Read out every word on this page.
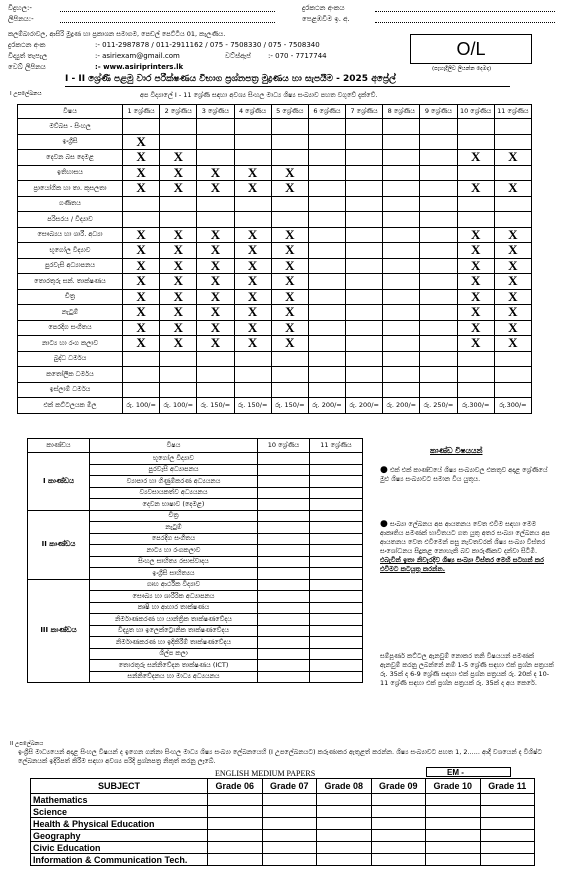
විදුහල:-
ලිපිනය:-
දුරකථන අංකය
පෙළඹවීම ඉ. අ.
කලම්ඛාරාවල, ආසිරි මුද්‍රණ හා ප්‍රකාශන සමාගම, පෙඩල් පෙට්‍ටිය 01, කැලණිය.
දුරකථන අංක	:- 011-2987878 / 011-2911162 / 075 - 7508330 / 075 - 7508340
විද්‍යුත් තැපැල	:- asiriexam@gmail.com	වට්ස්ඇප් :- 070 - 7717744
වෙබ් ලිපිනය	:- www.asiriprinters.lk
O/L
(පැහැදිලිව ලියන්න දෙමද)
I - II ශ්‍රේණි පළමු වාර පරීක්ෂණය විභාග ප්‍රශ්නපත්‍ර මුද්‍රණය හා සැපයීම - 2025 අප්‍රේල්
I උපලේඛනය	අප විද්‍යාලේ I - 11 ශ්‍රේණි සඳහා අවශ්‍ය සිංහල මාධ්‍ය ශිෂ්‍ය සංඛ්‍යාව පහත වගුවේ දැක්වේ.
විෂය	1 ශ්‍රේණිය	2 ශ්‍රේණිය	3 ශ්‍රේණිය	4 ශ්‍රේණිය	5 ශ්‍රේණිය	6 ශ්‍රේණිය	7 ශ්‍රේණිය	8 ශ්‍රේණිය	9 ශ්‍රේණිය	10 ශ්‍රේණිය	11 ශ්‍රේණිය
මව්බස - සිංහල											
ඉංග්‍රීසි	X										
දෙවන බස දෙමළ	X	X								X	X
ඉතිහාසය	X	X	X	X	X						
ප්‍රායෝගික හා තා. කුසලතා	X	X	X	X	X					X	X
ගණිතය											
පරිසරය / විද්‍යාව											
සෞඛ්‍යය හා ශාරී. අධ්‍යා	X	X	X	X	X					X	X
භූගෝල විද්‍යාව	X	X	X	X	X					X	X
පුරවැසි අධ්‍යාපනය	X	X	X	X	X					X	X
තොරතුරු සන්. තාක්ෂණය	X	X	X	X	X					X	X
චිත්‍ර	X	X	X	X	X					X	X
නැටුම්	X	X	X	X	X					X	X
පෙරදිග සංගීතය	X	X	X	X	X					X	X
නාට්‍ය හා රංග කලාව	X	X	X	X	X					X	X
බුද්ධ ධර්මය											
කතෝලික ධර්මය											
ඉස්ලාම් ධර්මය											
එක් කට්ටලයක මිල	රු. 100/=	රු. 100/=	රු. 150/=	රු. 150/=	රු. 150/=	රු. 200/=	රු. 200/=	රු. 200/=	රු. 250/=	රු.300/=	රු.300/=
කාණ්ඩය	විෂය	10 ශ්‍රේණිය	11 ශ්‍රේණිය
I කාණ්ඩය	භූගෝල විද්‍යාව		
	පුරවැසි අධ්‍යාපනය		
	ව්‍යාපාර හා ගිණුම්කරණ අධ්‍යයනය		
	ව්‍යවසායකත්ව අධ්‍යයනය		
	දෙවන භාෂාව (දෙමළ)		
II කාණ්ඩය	චිත්‍ර		
	නැටුම්		
	පෙරදිග සංගීතය		
	නාට්‍ය හා රංගකලාව		
	සිංහල සාහිත්‍ය රසාස්වාදය		
	ඉංග්‍රීසි සාහිත්‍යය		
III කාණ්ඩය	ගෘහ ආර්ථික විද්‍යාව		
	සෞඛ්‍ය හා ශාරීරික අධ්‍යාපනය		
	කෘෂි හා ආහාර තාක්ෂණය		
	නිර්මාණකරණ හා යාන්ත්‍රික තාක්ෂණවේදය		
	විද්‍යුත හා ඉලෙක්ට්‍රොනික තාක්ෂණවේදය		
	නිර්මාණකරණ හා ඉදිකිරීම් තාක්ෂණවේදය		
	ශිල්ප කලා		
	තොරතුරු සන්නිවේදන තාක්ෂණය (ICT)		
	සන්නිවේදනය හා මාධ්‍ය අධ්‍යයනය		
කාණ්ඩ විෂයයන්
● එක් එක් කාණ්ඩයේ ශිෂ්‍ය සංඛ්‍යාවල එකතුව අදාළ ශ්‍රේණියේ මුළු ශිෂ්‍ය සංඛ්‍යාවට සමාන විය යුතුය.
● සංඛ්‍යා ලේඛනය අප ආයතනය වෙත එවීම සඳහා මෙම ආකෘතිය පමණක් භාවිතයට ගත යුතු අතර සංඛ්‍යා ලේඛනය අප ආයතනය වෙත එවීමෙන් පසු නැවතවරක් ශිෂ්‍ය සංඛ්‍යා විස්තර සංශෝධනය සිදුකළ නොහැකි බව කාරුණිකව දන්වා සිටිමි. එබැවින් ඉතා නිවැරදිව ශිෂ්‍ය සංඛ්‍යා විස්තර මෙහි සටහන් කර එවීමට කටයුතු කරන්න.
සම්පූර්ණ කට්ටල ඇනවුම් නොකර තනි විෂයයන් පමණක් ඇනවුම් කරනු ලබන්නේ නම් 1-5 ශ්‍රේණි සඳහා එක් ප්‍රශ්න පත්‍රයක් රු. 35ක් ද 6-9 ශ්‍රේණි සඳහා එක් ප්‍රශ්න පත්‍රයක් රු. 20ක් ද 10-11 ශ්‍රේණි සඳහා එක් ප්‍රශ්න පත්‍රයක් රු. 35ක් ද අය කෙරේ.
II උපලේඛනය
ඉංග්‍රීසි මාධ්‍යයෙන් අදාළ සිංහල විෂයන් ද ඉගෙන ගන්නා සිංහල මාධ්‍ය ශිෂ්‍ය සංඛ්‍යා ලේඛනයෙහි (I උපලේඛනයට) කරුණාකර ඇතුළත් කරන්න. ශිෂ්‍ය සංඛ්‍යාවට පහත 1, 2...... ආදී වශයෙන් ද විශිෂ්ට ලේඛනයක් ඉදිරිපත් කිරීම සඳහා අවශ්‍ය පරිදි ප්‍රශ්නපත්‍ර නිකුත් කරනු ලැබේ.
ENGLISH MEDIUM PAPERS	EM -
SUBJECT	Grade 06	Grade 07	Grade 08	Grade 09	Grade 10	Grade 11
Mathematics						
Science						
Health & Physical Education						
Geography						
Civic Education						
Information & Communication Tech.						
